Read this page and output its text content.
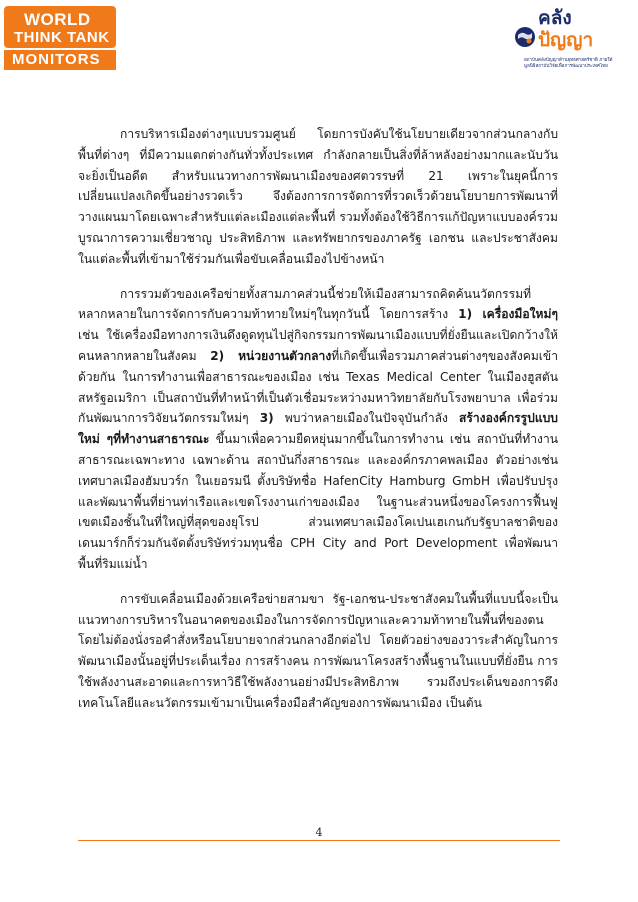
WORLD
THINK TANK
MONITORS
คลัง
ปัญญา
สถาบันคลังปัญญาด้านยุทธศาสตร์ชาติ ภายใต้มูลนิธิสถาบันวิจัยเพื่อการพัฒนาประเทศไทย

การบริหารเมืองต่างๆแบบรวมศูนย์ โดยการบังคับใช้นโยบายเดียวจากส่วนกลางกับพื้นที่ต่างๆ ที่มีความแตกต่างกันทั่วทั้งประเทศ กำลังกลายเป็นสิ่งที่ล้าหลังอย่างมากและนับวันจะยิ่งเป็นอดีต สำหรับแนวทางการพัฒนาเมืองของศตวรรษที่ 21 เพราะในยุคนี้การเปลี่ยนแปลงเกิดขึ้นอย่างรวดเร็ว จึงต้องการการจัดการที่รวดเร็วด้วยนโยบายการพัฒนาที่วางแผนมาโดยเฉพาะสำหรับแต่ละเมืองแต่ละพื้นที่ รวมทั้งต้องใช้วิธีการแก้ปัญหาแบบองค์รวม บูรณาการความเชี่ยวชาญ ประสิทธิภาพ และทรัพยากรของภาครัฐ เอกชน และประชาสังคมในแต่ละพื้นที่เข้ามาใช้ร่วมกันเพื่อขับเคลื่อนเมืองไปข้างหน้า

การรวมตัวของเครือข่ายทั้งสามภาคส่วนนี้ช่วยให้เมืองสามารถคิดค้นนวัตกรรมที่หลากหลายในการจัดการกับความท้าทายใหม่ๆในทุกวันนี้ โดยการสร้าง 1) เครื่องมือใหม่ๆ เช่น ใช้เครื่องมือทางการเงินดึงดูดทุนไปสู่กิจกรรมการพัฒนาเมืองแบบที่ยั่งยืนและเปิดกว้างให้คนหลากหลายในสังคม 2) หน่วยงานตัวกลางที่เกิดขึ้นเพื่อรวมภาคส่วนต่างๆของสังคมเข้าด้วยกัน ในการทำงานเพื่อสาธารณะของเมือง เช่น Texas Medical Center ในเมืองฮูสตัน สหรัฐอเมริกา เป็นสถาบันที่ทำหน้าที่เป็นตัวเชื่อมระหว่างมหาวิทยาลัยกับโรงพยาบาล เพื่อร่วมกันพัฒนาการวิจัยนวัตกรรมใหม่ๆ 3) พบว่าหลายเมืองในปัจจุบันกำลัง สร้างองค์กรรูปแบบใหม่ ๆที่ทำงานสาธารณะ ขึ้นมาเพื่อความยืดหยุ่นมากขึ้นในการทำงาน เช่น สถาบันที่ทำงานสาธารณะเฉพาะทาง เฉพาะด้าน สถาบันกึ่งสาธารณะ และองค์กรภาคพลเมือง ตัวอย่างเช่น เทศบาลเมืองฮัมบวร์ก ในเยอรมนี ตั้งบริษัทชื่อ HafenCity Hamburg GmbH เพื่อปรับปรุงและพัฒนาพื้นที่ย่านท่าเรือและเขตโรงงานเก่าของเมือง ในฐานะส่วนหนึ่งของโครงการฟื้นฟูเขตเมืองชั้นในที่ใหญ่ที่สุดของยุโรป ส่วนเทศบาลเมืองโคเปนเฮเกนกับรัฐบาลชาติของเดนมาร์กก็ร่วมกันจัดตั้งบริษัทร่วมทุนชื่อ CPH City and Port Development เพื่อพัฒนาพื้นที่ริมแม่น้ำ

การขับเคลื่อนเมืองด้วยเครือข่ายสามขา รัฐ-เอกชน-ประชาสังคมในพื้นที่แบบนี้จะเป็นแนวทางการบริหารในอนาคตของเมืองในการจัดการปัญหาและความท้าทายในพื้นที่ของตนโดยไม่ต้องนั่งรอคำสั่งหรือนโยบายจากส่วนกลางอีกต่อไป โดยตัวอย่างของวาระสำคัญในการพัฒนาเมืองนั้นอยู่ที่ประเด็นเรื่อง การสร้างคน การพัฒนาโครงสร้างพื้นฐานในแบบที่ยั่งยืน การใช้พลังงานสะอาดและการหาวิธีใช้พลังงานอย่างมีประสิทธิภาพ รวมถึงประเด็นของการดึงเทคโนโลยีและนวัตกรรมเข้ามาเป็นเครื่องมือสำคัญของการพัฒนาเมือง เป็นต้น

4
